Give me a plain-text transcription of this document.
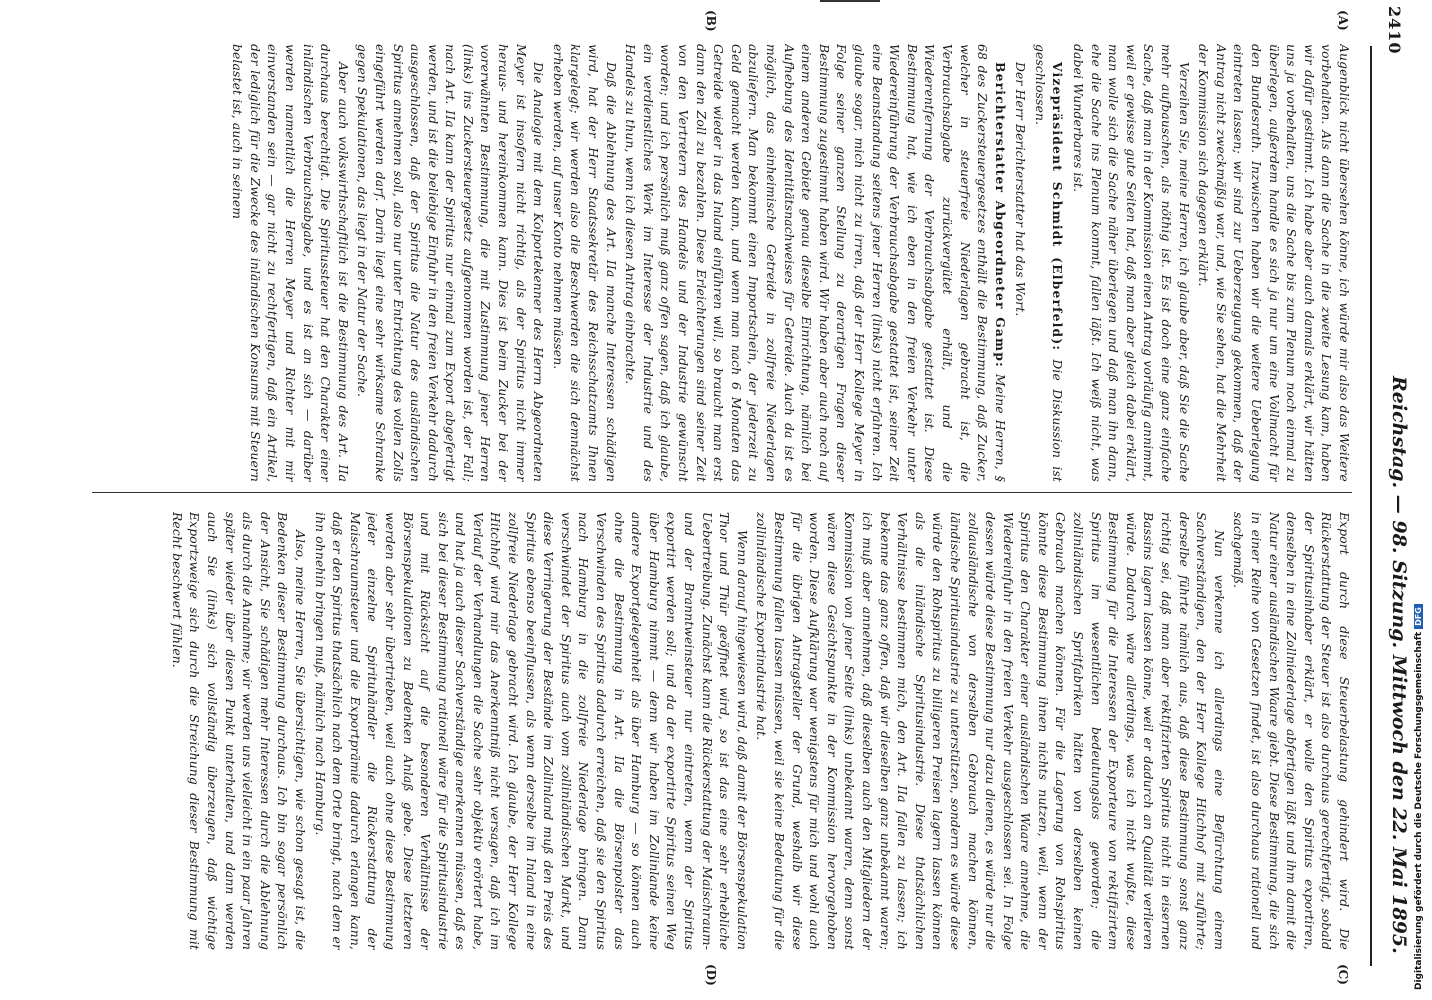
2410
Reichstag. — 98. Sitzung. Mittwoch den 22. Mai 1895.
(A)
(B)
(C)
(D)

Augenblick nicht übersehen könne, ich würde mir also das Weitere vorbehalten. Als dann die Sache in die zweite Lesung kam, haben wir dafür gestimmt. Ich habe aber auch damals erklärt, wir hätten uns ja vorbehalten, uns die Sache bis zum Plenum noch einmal zu überlegen, außerdem handle es sich ja nur um eine Vollmacht für den Bundesrath. Inzwischen haben wir die weitere Ueberlegung eintreten lassen; wir sind zur Ueberzeugung gekommen, daß der Antrag nicht zweckmäßig war, und, wie Sie sehen, hat die Mehrheit der Kommission sich dagegen erklärt.

Verzeihen Sie, meine Herren, ich glaube aber, daß Sie die Sache mehr aufbauschen, als nöthig ist. Es ist doch eine ganz einfache Sache, daß man in der Kommission einen Antrag vorläufig annimmt, weil er gewisse gute Seiten hat, daß man aber gleich dabei erklärt, man wolle sich die Sache näher überlegen und daß man ihn dann, ehe die Sache ins Plenum kommt, fallen läßt. Ich weiß nicht, was dabei Wunderbares ist.

Vizepräsident Schmidt (Elberfeld): Die Diskussion ist geschlossen.

Der Herr Berichterstatter hat das Wort.

Berichterstatter Abgeordneter Gamp: Meine Herren, § 68 des Zuckersteuergesetzes enthält die Bestimmung, daß Zucker, welcher in steuerfreie Niederlagen gebracht ist, die Verbrauchsabgabe zurückvergütet erhält, und die Wiederentfernung der Verbrauchsabgabe gestattet ist. Diese Bestimmung hat, wie ich eben in den freien Verkehr unter Wiedereinführung der Verbrauchsabgabe gestattet ist, seiner Zeit eine Beanstandung seitens jener Herren (links) nicht erfahren. Ich glaube sogar, mich nicht zu irren, daß der Herr Kollege Meyer in Folge seiner ganzen Stellung zu derartigen Fragen dieser Bestimmung zugestimmt haben wird. Wir haben aber auch noch auf einem anderen Gebiete genau dieselbe Einrichtung, nämlich bei Aufhebung des Identitätsnachweises für Getreide. Auch da ist es möglich, das einheimische Getreide in zollfreie Niederlagen abzuliefern. Man bekommt einen Importschein, der jederzeit zu Geld gemacht werden kann, und wenn man nach 6 Monaten das Getreide wieder in das Inland einführen will, so braucht man erst dann den Zoll zu bezahlen. Diese Erleichterungen sind seiner Zeit von den Vertretern des Handels und der Industrie gewünscht worden; und ich persönlich muß ganz offen sagen, daß ich glaube, ein verdienstliches Werk im Interesse der Industrie und des Handels zu thun, wenn ich diesen Antrag einbrachte.

Daß die Ablehnung des Art. IIa manche Interessen schädigen wird, hat der Herr Staatssekretär des Reichsschatzamts Ihnen klargelegt; wir werden also die Beschwerden die sich demnächst erheben werden, auf unser Konto nehmen müssen.

Die Analogie mit dem Kolportekenner des Herrn Abgeordneten Meyer ist insofern nicht richtig, als der Spiritus nicht immer heraus- und hereinkommen kann. Dies ist beim Zucker bei der vorerwähnten Bestimmung, die mit Zustimmung jener Herren (links) ins Zuckersteuergesetz aufgenommen worden ist, der Fall; nach Art. IIa kann der Spiritus nur einmal zum Export abgefertigt werden, und ist die beliebige Einfuhr in den freien Verkehr dadurch ausgeschlossen, daß der Spiritus die Natur des ausländischen Spiritus annehmen soll, also nur unter Entrichtung des vollen Zolls eingeführt werden darf. Darin liegt eine sehr wirksame Schranke gegen Spekulationen, das liegt in der Natur der Sache.

Aber auch volkswirthschaftlich ist die Bestimmung des Art. IIa durchaus berechtigt. Die Spiritussteuer hat den Charakter einer inländischen Verbrauchsabgabe, und es ist an sich — darüber werden namentlich die Herren Meyer und Richter mit mir einverstanden sein — gar nicht zu rechtfertigen, daß ein Artikel, der lediglich für die Zwecke des inländischen Konsums mit Steuern belastet ist, auch in seinem

Export durch diese Steuerbelastung gehindert wird. Die Rückerstattung der Steuer ist also durchaus gerechtfertigt, sobald der Spiritusinhaber erklärt, er wolle den Spiritus exportiren, denselben in eine Zollniederlage abfertigen läßt und ihm damit die Natur einer ausländischen Waare giebt. Diese Bestimmung, die sich in einer Reihe von Gesetzen findet, ist also durchaus rationell und sachgemäß.

Nun verkenne ich allerdings eine Befürchtung einem Sachverständigen, den der Herr Kollege Hitchhof mit zuführte; derselbe führte nämlich aus, daß diese Bestimmung sonst ganz richtig sei, daß man aber rektifizirten Spiritus nicht in eisernen Bassins lagern lassen könne, weil er dadurch an Qualität verlieren würde. Dadurch wäre allerdings, was ich nicht wußte, diese Bestimmung für die Interessen der Exporteure von rektifizirtem Spiritus im wesentlichen bedeutungslos geworden; die zollinländischen Spritfabriken hätten von derselben keinen Gebrauch machen können. Für die Lagerung von Rohspiritus könnte diese Bestimmung ihnen nichts nutzen, weil, wenn der Spiritus den Charakter einer ausländischen Waare annehme, die Wiedereinfuhr in den freien Verkehr ausgeschlossen sei. In Folge dessen würde diese Bestimmung nur dazu dienen, es würde nur die zollausländische von derselben Gebrauch machen können, ländische Spiritusindustrie zu unterstützen, sondern es würde diese würde den Rohspiritus zu billigeren Preisen lagern lassen können als die inländische Spiritusindustrie. Diese thatsächlichen Verhältnisse bestimmen mich, den Art. IIa fallen zu lassen; ich bekenne das ganz offen, daß wir dieselben ganz unbekannt waren; ich muß aber annehmen, daß dieselben auch den Mitgliedern der Kommission von jener Seite (links) unbekannt waren, denn sonst wären diese Gesichtspunkte in der Kommission hervorgehoben worden. Diese Aufklärung war wenigstens für mich und wohl auch für die übrigen Antragsteller der Grund, weshalb wir diese Bestimmung fallen lassen müssen, weil sie keine Bedeutung für die zollinländische Exportindustrie hat.

Wenn darauf hingewiesen wird, daß damit der Börsenspekulation Thor und Thür geöffnet wird, so ist das eine sehr erhebliche Uebertreibung. Zunächst kann die Rückerstattung der Maischraum- und der Branntweinsteuer nur eintreten, wenn der Spiritus exportirt werden soll; und da der exportirte Spiritus seinen Weg über Hamburg nimmt — denn wir haben im Zollinlande keine andere Exportgelegenheit als über Hamburg — so können auch ohne die Bestimmung in Art. IIa die Börsenpolster das Verschwinden des Spiritus dadurch erreichen, daß sie den Spiritus nach Hamburg in die zollfreie Niederlage bringen. Dann verschwindet der Spiritus auch vom zollinländischen Markt, und diese Verringerung der Bestände im Zollinland muß den Preis des Spiritus ebenso beeinflussen, als wenn derselbe im Inland in eine zollfreie Niederlage gebracht wird. Ich glaube, der Herr Kollege Hitchhof wird mir das Anerkenntniß nicht versagen, daß ich im Verlauf der Verhandlungen die Sache sehr objektiv erörtert habe, und hat ja auch dieser Sachverständige anerkennen müssen, daß es sich bei dieser Bestimmung rationell wäre für die Spiritusindustrie und mit Rücksicht auf die besonderen Verhältnisse der Börsenspekulationen zu Bedenken Anlaß gebe. Diese letzteren werden aber sehr übertrieben, weil auch ohne diese Bestimmung jeder einzelne Spirituhändler die Rückerstattung der Maischraumsteuer und die Exportprämie dadurch erlangen kann, daß er den Spiritus thatsächlich nach dem Orte bringt, nach dem er ihn ohnehin bringen muß, nämlich nach Hamburg.

Also, meine Herren, Sie übersichtigen, wie schon gesagt ist, die Bedenken dieser Bestimmung durchaus. Ich bin sogar persönlich der Ansicht, Sie schädigen mehr Interessen durch die Ablehnung als durch die Annahme; wir werden uns vielleicht in ein paar Jahren später wieder über diesen Punkt unterhalten, und dann werden auch Sie (links) sich vollständig überzeugen, daß wichtige Exportzweige sich durch die Streichung dieser Bestimmung mit Recht beschwert fühlen.

Digitalisierung gefördert durch die Deutsche ForschungsgemeinschaftDFG
